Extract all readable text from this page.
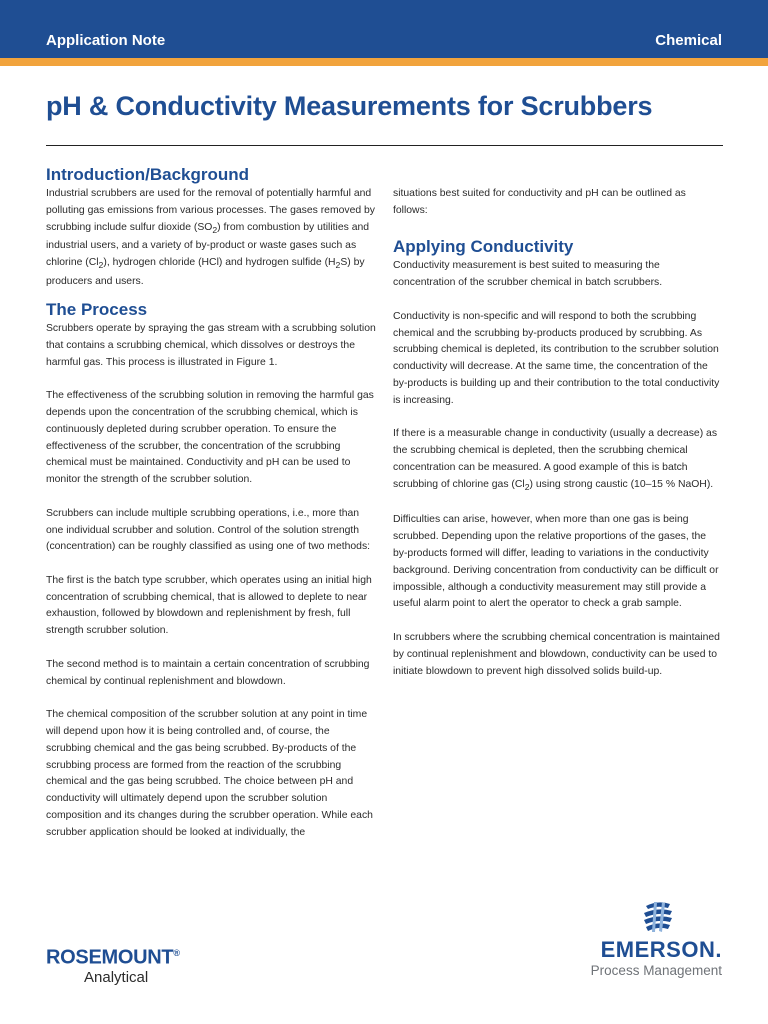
Application Note	Chemical
pH & Conductivity Measurements for Scrubbers
Introduction/Background

Industrial scrubbers are used for the removal of potentially harmful and polluting gas emissions from various processes. The gases removed by scrubbing include sulfur dioxide $(SO_2)$ from combustion by utilities and industrial users, and a variety of by-product or waste gases such as chlorine $(Cl_2)$, hydrogen chloride (HCl) and hydrogen sulfide $(H_2S)$ by producers and users.

The Process

Scrubbers operate by spraying the gas stream with a scrubbing solution that contains a scrubbing chemical, which dissolves or destroys the harmful gas. This process is illustrated in Figure 1.

The effectiveness of the scrubbing solution in removing the harmful gas depends upon the concentration of the scrubbing chemical, which is continuously depleted during scrubber operation. To ensure the effectiveness of the scrubber, the concentration of the scrubbing chemical must be maintained. Conductivity and pH can be used to monitor the strength of the scrubber solution.

Scrubbers can include multiple scrubbing operations, i.e., more than one individual scrubber and solution. Control of the solution strength (concentration) can be roughly classified as using one of two methods:

The first is the batch type scrubber, which operates using an initial high concentration of scrubbing chemical, that is allowed to deplete to near exhaustion, followed by blowdown and replenishment by fresh, full strength scrubber solution.

The second method is to maintain a certain concentration of scrubbing chemical by continual replenishment and blowdown.

The chemical composition of the scrubber solution at any point in time will depend upon how it is being controlled and, of course, the scrubbing chemical and the gas being scrubbed. By-products of the scrubbing process are formed from the reaction of the scrubbing chemical and the gas being scrubbed. The choice between pH and conductivity will ultimately depend upon the scrubber solution composition and its changes during the scrubber operation. While each scrubber application should be looked at individually, the

situations best suited for conductivity and pH can be outlined as follows:

Applying Conductivity

Conductivity measurement is best suited to measuring the concentration of the scrubber chemical in batch scrubbers.

Conductivity is non-specific and will respond to both the scrubbing chemical and the scrubbing by-products produced by scrubbing. As scrubbing chemical is depleted, its contribution to the scrubber solution conductivity will decrease. At the same time, the concentration of the by-products is building up and their contribution to the total conductivity is increasing.

If there is a measurable change in conductivity (usually a decrease) as the scrubbing chemical is depleted, then the scrubbing chemical concentration can be measured. A good example of this is batch scrubbing of chlorine gas $(Cl_2)$ using strong caustic (10–15 % NaOH).

Difficulties can arise, however, when more than one gas is being scrubbed. Depending upon the relative proportions of the gases, the by-products formed will differ, leading to variations in the conductivity background. Deriving concentration from conductivity can be difficult or impossible, although a conductivity measurement may still provide a useful alarm point to alert the operator to check a grab sample.

In scrubbers where the scrubbing chemical concentration is maintained by continual replenishment and blowdown, conductivity can be used to initiate blowdown to prevent high dissolved solids build-up.

ROSEMOUNT®
Analytical
EMERSON.
Process Management
